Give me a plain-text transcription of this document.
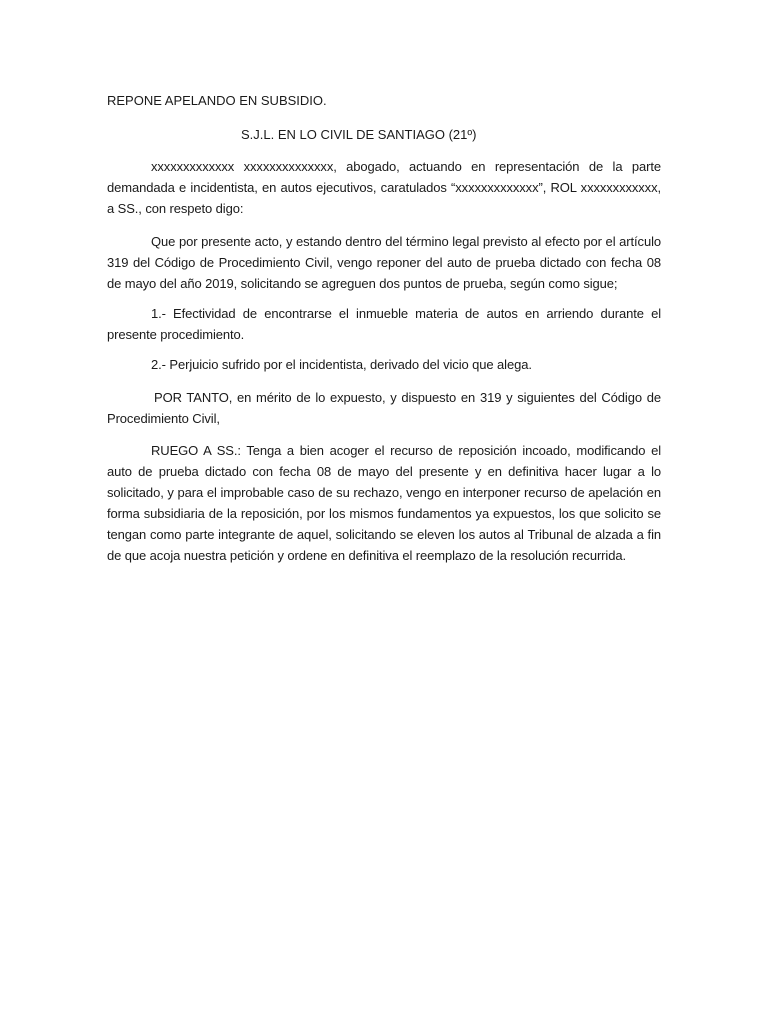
REPONE APELANDO EN SUBSIDIO.
S.J.L. EN LO CIVIL DE SANTIAGO (21º)
xxxxxxxxxxxxx xxxxxxxxxxxxxx, abogado, actuando en representación de la parte demandada e incidentista, en autos ejecutivos, caratulados “xxxxxxxxxxxxx”, ROL xxxxxxxxxxxx, a SS., con respeto digo:
Que por presente acto, y estando dentro del término legal previsto al efecto por el artículo 319 del Código de Procedimiento Civil, vengo reponer del auto de prueba dictado con fecha 08 de mayo del año 2019, solicitando se agreguen dos puntos de prueba, según como sigue;
1.- Efectividad de encontrarse el inmueble materia de autos en arriendo durante el presente procedimiento.
2.- Perjuicio sufrido por el incidentista, derivado del vicio que alega.
POR TANTO, en mérito de lo expuesto, y dispuesto en 319 y siguientes del Código de Procedimiento Civil,
RUEGO A SS.: Tenga a bien acoger el recurso de reposición incoado, modificando el auto de prueba dictado con fecha 08 de mayo del presente y en definitiva hacer lugar a lo solicitado, y para el improbable caso de su rechazo, vengo en interponer recurso de apelación en forma subsidiaria de la reposición, por los mismos fundamentos ya expuestos, los que solicito se tengan como parte integrante de aquel, solicitando se eleven los autos al Tribunal de alzada a fin de que acoja nuestra petición y ordene en definitiva el reemplazo de la resolución recurrida.
